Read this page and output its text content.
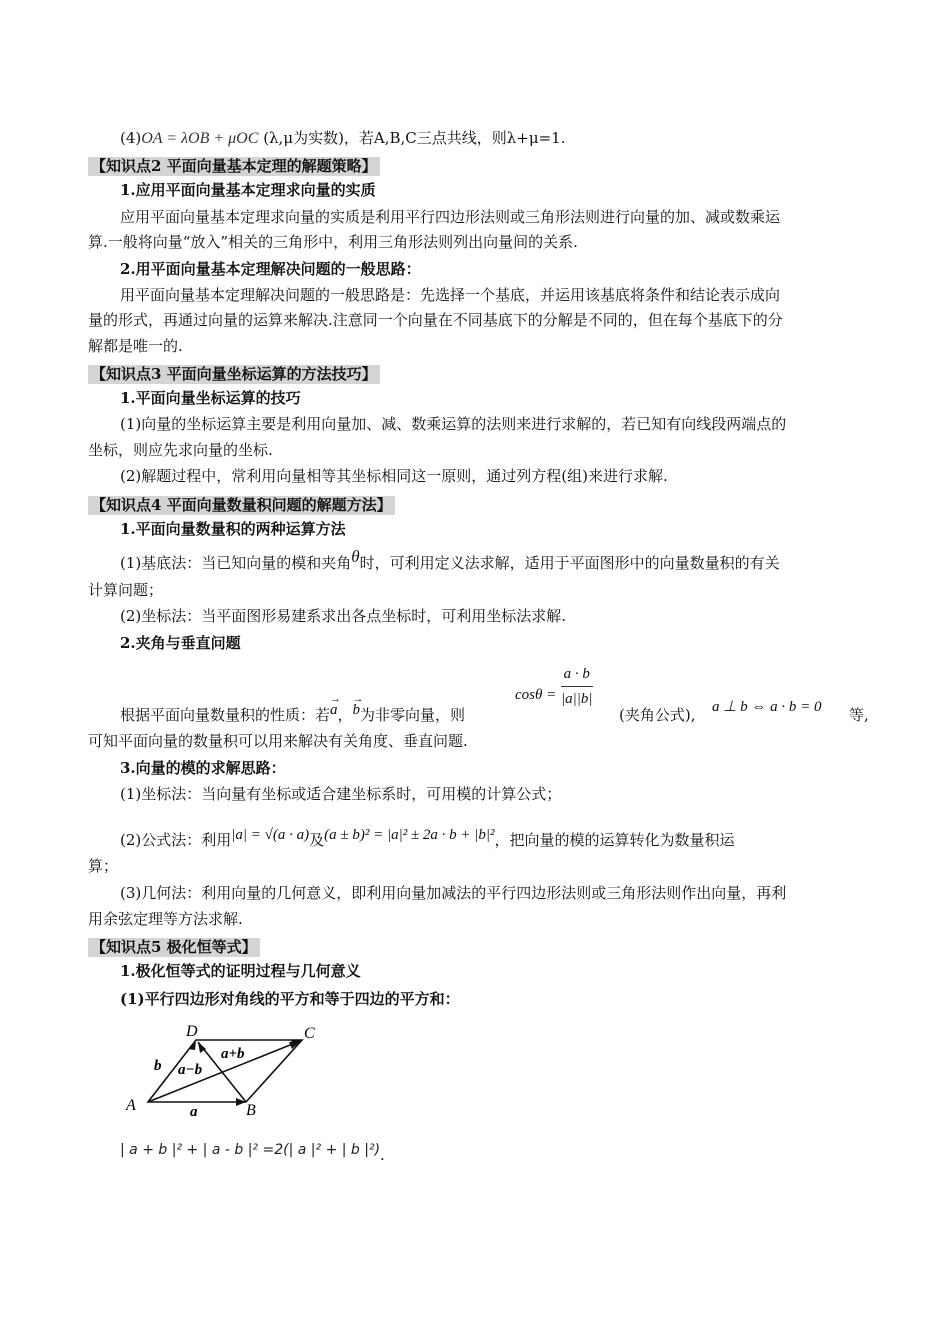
(4)OA = λOB + μOC (λ,μ为实数)，若A,B,C三点共线，则λ+μ=1.
【知识点2 平面向量基本定理的解题策略】
1.应用平面向量基本定理求向量的实质
应用平面向量基本定理求向量的实质是利用平行四边形法则或三角形法则进行向量的加、减或数乘运
算.一般将向量“放入”相关的三角形中，利用三角形法则列出向量间的关系.
2.用平面向量基本定理解决问题的一般思路：
用平面向量基本定理解决问题的一般思路是：先选择一个基底，并运用该基底将条件和结论表示成向
量的形式，再通过向量的运算来解决.注意同一个向量在不同基底下的分解是不同的，但在每个基底下的分
解都是唯一的.
【知识点3 平面向量坐标运算的方法技巧】
1.平面向量坐标运算的技巧
(1)向量的坐标运算主要是利用向量加、减、数乘运算的法则来进行求解的，若已知有向线段两端点的
坐标，则应先求向量的坐标.
(2)解题过程中，常利用向量相等其坐标相同这一原则，通过列方程(组)来进行求解.
【知识点4 平面向量数量积问题的解题方法】
1.平面向量数量积的两种运算方法
(1)基底法：当已知向量的模和夹角θ时，可利用定义法求解，适用于平面图形中的向量数量积的有关
计算问题；
(2)坐标法：当平面图形易建系求出各点坐标时，可利用坐标法求解.
2.夹角与垂直问题
$\cos\theta = \frac{a \cdot b}{|a||b|}$
根据平面向量数量积的性质：若→ a，→ b为非零向量，则	(夹角公式), a ⊥ b ⇔ a · b = 0 等,
可知平面向量的数量积可以用来解决有关角度、垂直问题.
3.向量的模的求解思路：
(1)坐标法：当向量有坐标或适合建坐标系时，可用模的计算公式；
(2)公式法：利用|a| = √(a · a)及(a ± b)² = |a|² ± 2a · b + |b|²，把向量的模的运算转化为数量积运
算；
(3)几何法：利用向量的几何意义，即利用向量加减法的平行四边形法则或三角形法则作出向量，再利
用余弦定理等方法求解.
【知识点5 极化恒等式】
1.极化恒等式的证明过程与几何意义
(1)平行四边形对角线的平方和等于四边的平方和：
D	C
A	B
b
a
a+b
a−b
| a + b |² + | a - b |² =2(| a |² + | b |²).
